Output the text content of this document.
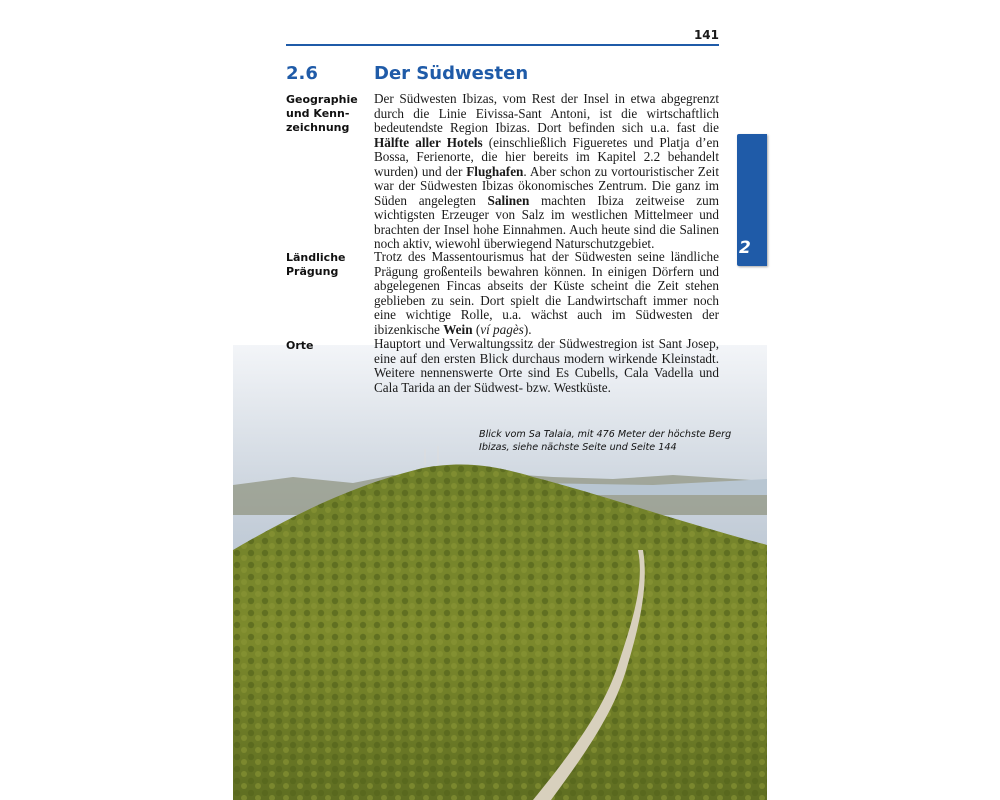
141
2.6	Der Südwesten
Geographie und Kenn- zeichnung
Der Südwesten Ibizas, vom Rest der Insel in etwa abgegrenzt durch die Linie Eivissa-Sant Antoni, ist die wirtschaftlich bedeutendste Region Ibizas. Dort befinden sich u.a. fast die Hälfte aller Hotels (einschließlich Figueretes und Platja d’en Bossa, Ferienorte, die hier bereits im Kapitel 2.2 behandelt wurden) und der Flughafen. Aber schon zu vortouristischer Zeit war der Südwesten Ibizas ökonomisches Zentrum. Die ganz im Süden angelegten Salinen machten Ibiza zeitweise zum wichtigsten Erzeuger von Salz im westlichen Mittelmeer und brachten der Insel hohe Einnahmen. Auch heute sind die Salinen noch aktiv, wiewohl überwiegend Naturschutzgebiet.
Ländliche Prägung
Trotz des Massentourismus hat der Südwesten seine ländliche Prägung großenteils bewahren können. In einigen Dörfern und abgelegenen Fincas abseits der Küste scheint die Zeit stehen geblieben zu sein. Dort spielt die Landwirtschaft immer noch eine wichtige Rolle, u.a. wächst auch im Südwesten der ibizenkische Wein (ví pagès).
Orte	Hauptort und Verwaltungssitz der Südwestregion ist Sant Josep, eine auf den ersten Blick durchaus modern wirkende Kleinstadt. Weitere nennenswerte Orte sind Es Cubells, Cala Vadella und Cala Tarida an der Südwest- bzw. Westküste.
Blick vom Sa Talaia, mit 476 Meter der höchste Berg Ibizas, siehe nächste Seite und Seite 144
2
